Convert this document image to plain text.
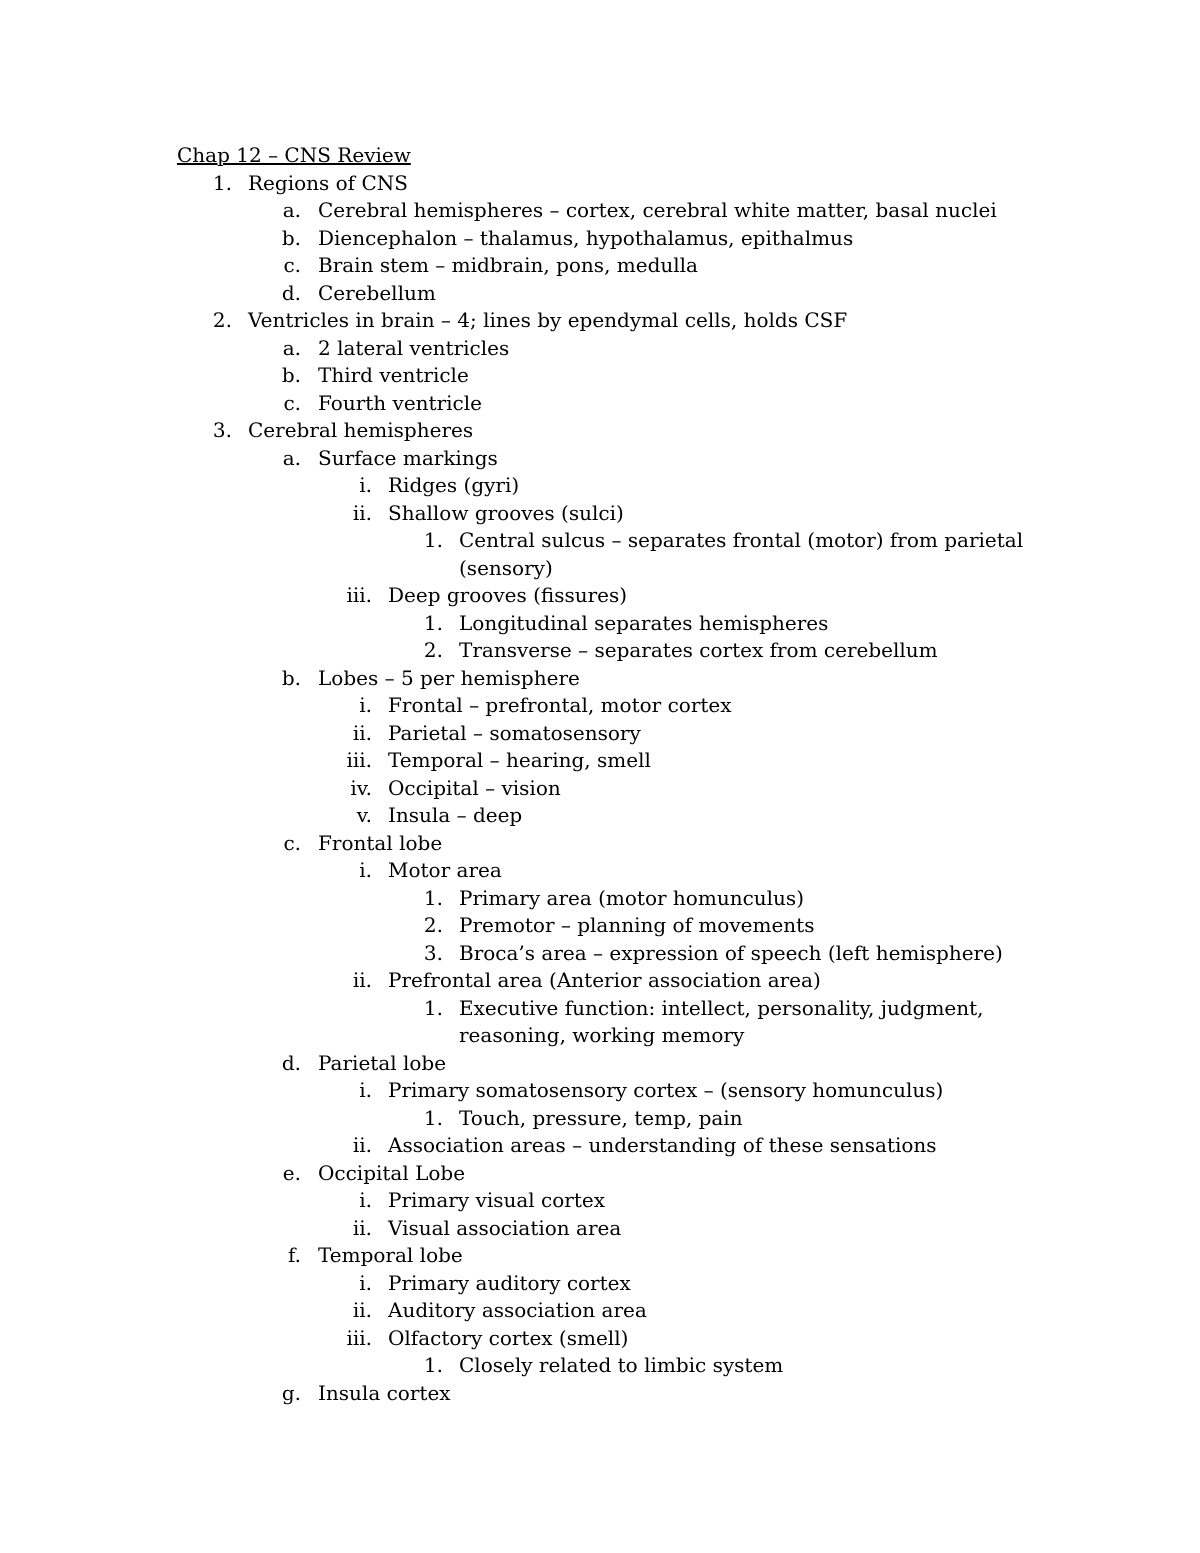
Chap 12 – CNS Review
1. Regions of CNS
a. Cerebral hemispheres – cortex, cerebral white matter, basal nuclei
b. Diencephalon – thalamus, hypothalamus, epithalmus
c. Brain stem – midbrain, pons, medulla
d. Cerebellum
2. Ventricles in brain – 4; lines by ependymal cells, holds CSF
a. 2 lateral ventricles
b. Third ventricle
c. Fourth ventricle
3. Cerebral hemispheres
a. Surface markings
i. Ridges (gyri)
ii. Shallow grooves (sulci)
1. Central sulcus – separates frontal (motor) from parietal
(sensory)
iii. Deep grooves (fissures)
1. Longitudinal separates hemispheres
2. Transverse – separates cortex from cerebellum
b. Lobes – 5 per hemisphere
i. Frontal – prefrontal, motor cortex
ii. Parietal – somatosensory
iii. Temporal – hearing, smell
iv. Occipital – vision
v. Insula – deep
c. Frontal lobe
i. Motor area
1. Primary area (motor homunculus)
2. Premotor – planning of movements
3. Broca’s area – expression of speech (left hemisphere)
ii. Prefrontal area (Anterior association area)
1. Executive function: intellect, personality, judgment,
reasoning, working memory
d. Parietal lobe
i. Primary somatosensory cortex – (sensory homunculus)
1. Touch, pressure, temp, pain
ii. Association areas – understanding of these sensations
e. Occipital Lobe
i. Primary visual cortex
ii. Visual association area
f. Temporal lobe
i. Primary auditory cortex
ii. Auditory association area
iii. Olfactory cortex (smell)
1. Closely related to limbic system
g. Insula cortex
